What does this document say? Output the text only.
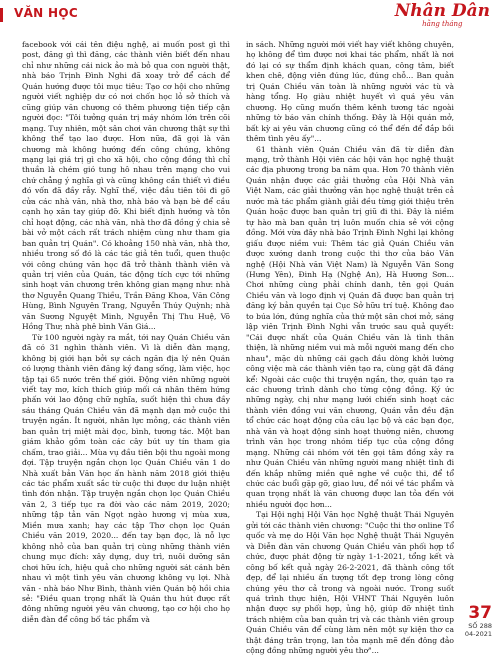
VĂN HỌC	Nhân Dân
hằng tháng

facebook với cái tên điệu nghệ, ai muốn post gì thì post, đăng gì thì đăng, các thành viên biết đến nhau chỉ như những cái nick ảo mà bỏ qua con người thật, nhà báo Trịnh Đình Nghi đã xoay trở để cách để Quán hướng được tôi mục tiêu: Tạo cơ hội cho những người viết nghiệp dư có nơi chốn học lỏ sở thích và cũng giúp văn chương có thêm phương tiện tiếp cận người đọc: "Tôi tưởng quán trị máy nhóm lớn trên cõi mạng. Tuy nhiên, một sân chơi văn chương thật sự thì không thể tạo lao được. Hơn nữa, đã gọi là văn chương mà không hướng đến công chúng, không mạng lại giá trị gì cho xã hội, cho cộng đồng thì chỉ thuần là chém gió tung hô nhau trên mạng cho vui chứ chẳng ý nghĩa gì và cũng không cần thiết vì điều đó vốn đã đầy rẫy. Nghĩ thế, việc đầu tiên tôi đi gõ cửa các nhà văn, nhà thơ, nhà báo và bạn bè để cầu cạnh họ xăn tay giúp đỡ. Khi biết định hướng và tôn chỉ hoạt động, các nhà văn, nhà thơ đã đồng ý chia sẻ bài vở một cách rất trách nhiệm cùng như tham gia ban quản trị Quán". Có khoảng 150 nhà văn, nhà thơ, nhiều trong số đó là các tác giả tên tuổi, quen thuộc với công chúng văn học đã trở thành thành viên và quản trị viên của Quán, tác động tích cực tới những sinh hoạt văn chương trên không gian mạng như: nhà thơ Nguyễn Quang Thiều, Trần Đăng Khoa, Văn Công Hùng, Bình Nguyên Trang, Nguyễn Thúy Quỳnh; nhà văn Sương Nguyệt Minh, Nguyễn Thị Thu Huệ, Võ Hồng Thư; nhà phê bình Văn Giá...

Từ 100 người ngày ra mắt, tới nay Quán Chiều văn đã có 31 nghìn thành viên. Vì là diễn đàn mạng, không bị giới hạn bởi sự cách ngăn địa lý nên Quán có lượng thành viên đăng ký đang sống, làm việc, học tập tại 65 nước trên thế giới. Động viên những người viết tay mơ, kích thích giúp mối cá nhân thêm hứng phấn với lao động chữ nghĩa, suốt hiện thì chưa đầy sáu tháng Quán Chiều văn đã mạnh dạn mở cuộc thi truyện ngắn. Ít người, nhân lực mỏng, các thành viên ban quản trị miệt mài đọc, bình, tương tác. Một ban giám khảo gồm toàn các cây bút uy tín tham gia chấm, trao giải... Mùa vụ đầu tiên bội thu ngoài mong đợi. Tập truyện ngắn chọn lọc Quán Chiều văn 1 do Nhà xuất bản Văn học ấn hành năm 2018 giới thiệu các tác phẩm xuất sắc từ cuộc thi được dư luận nhiệt tình đón nhận. Tập truyện ngắn chọn lọc Quán Chiều văn 2, 3 tiếp tục ra đời vào các năm 2019, 2020; những tập tản văn Ngọt ngào hương vị mùa xưa, Miền mưa xanh; hay các tập Thơ chọn lọc Quán Chiều văn 2019, 2020... đến tay bạn đọc, là nỗ lực không nhỏ của ban quản trị cùng những thành viên chung mục đích: xây dựng, duy trì, nuôi dưỡng sân chơi hữu ích, hiệu quả cho những người sát cánh bên nhau vì một tình yêu văn chương không vụ lợi. Nhà văn - nhà báo Như Bình, thành viên Quán bộ hồi chia sẻ: "Điều quan trọng nhất là Quán thu hút được rất đông những người yêu văn chương, tạo cơ hội cho họ diễn đàn để công bố tác phẩm và

in sách. Những người mới viết hay viết không chuyên, họ không để tìm được nơi khai tác phẩm, nhất là nơi đó lại có sự thẩm định khách quan, công tâm, biết khen chê, động viên đúng lúc, đúng chỗ... Ban quản trị Quán Chiều văn toàn là những người vác tù và hàng tổng. Họ giàu nhiệt huyết vì quá yêu văn chương. Họ cũng muốn thêm kênh tương tác ngoài những tờ báo văn chính thống. Đây là Hội quán mở, bất kỳ ai yêu văn chương cũng có thể đến để đắp bồi thêm tình yêu ấy"...

61 thành viên Quán Chiều văn đã từ diễn đàn mạng, trở thành Hội viên các hội văn học nghệ thuật các địa phương trong ba năm qua. Hơn 70 thành viên Quán nhận được các giải thưởng của Hội Nhà văn Việt Nam, các giải thưởng văn học nghệ thuật trên cả nước mà tác phẩm giành giải đều từng giới thiệu trên Quán hoặc được ban quản trị giũ đi thi. Đây là niềm tự hào mà ban quản trị luôn muốn chia sẻ với cộng đồng. Mới vừa đây nhà báo Trịnh Đình Nghi lại không giấu được niềm vui: Thêm tác giả Quán Chiều văn được xướng danh trong cuộc thi thơ của báo Văn nghệ (Hội Nhà văn Việt Nam) là Nguyễn Văn Song (Hưng Yên), Đinh Hạ (Nghệ An), Hà Hương Sơn... Chơi những cùng phải chính danh, tên gọi Quán Chiều văn và logo định vị Quán đã được ban quản trị đăng ký bản quyền tại Cục Sở hữu trí tuệ. Không đao to búa lớn, đúng nghĩa của thứ một sân chơi mở, sáng lập viên Trịnh Đình Nghi vẫn trước sau quả quyết: "Cái được nhất của Quán Chiều văn là tình thân thiện, là những niềm vui mà mỗi người mang đến cho nhau", mặc dù những cái gạch đầu dòng khởi lường công việc mà các thành viên tạo ra, cùng gặt đã đáng kể: Ngoài các cuộc thi truyện ngắn, thơ, quán tạo ra các chương trình dành cho từng cộng đồng. Ký ức những ngày, chị như mạng lưới chiến sinh hoạt các thành viên đồng vui văn chương, Quán vẫn đều đặn tổ chức các hoạt động của câu lạc bộ và các bạn đọc, nhà văn và hoạt động sinh hoạt thường niên, chương trình văn học trong nhóm tiếp tục của cộng đồng mạng. Những cái nhóm với tên gọi tâm đồng xảy ra như Quán Chiều văn những người mang nhiệt tình đi đến khắp những miền quê nghe về cuộc thi, để tổ chức các buổi gặp gỡ, giao lưu, để nói về tác phẩm và quan trọng nhất là văn chương được lan tỏa đến với nhiều người đọc hơn...

Tại Hội nghị Hội Văn học Nghệ thuật Thái Nguyên gửi tới các thành viên chương: "Cuộc thi thơ online Tổ quốc và mẹ do Hội Văn học Nghệ thuật Thái Nguyên và Diễn đàn văn chương Quán Chiều văn phối hợp tổ chức, được phát động từ ngày 1-1-2021, tổng kết và công bố kết quả ngày 26-2-2021, đã thành công tốt đẹp, để lại nhiều ấn tượng tốt đẹp trong lòng công chúng yêu thơ cả trong và ngoài nước. Trong suốt quá trình thực hiện, Hội VHNT Thái Nguyên luôn nhận được sự phối hợp, ủng hộ, giúp đỡ nhiệt tình trách nhiệm của ban quản trị và các thành viên group Quán Chiều văn để cùng làm nên một sự kiện thơ ca thật đáng trân trọng, lan tỏa mạnh mẽ đến đông đảo cộng đồng những người yêu thơ"...

37
SỐ 288
04-2021
